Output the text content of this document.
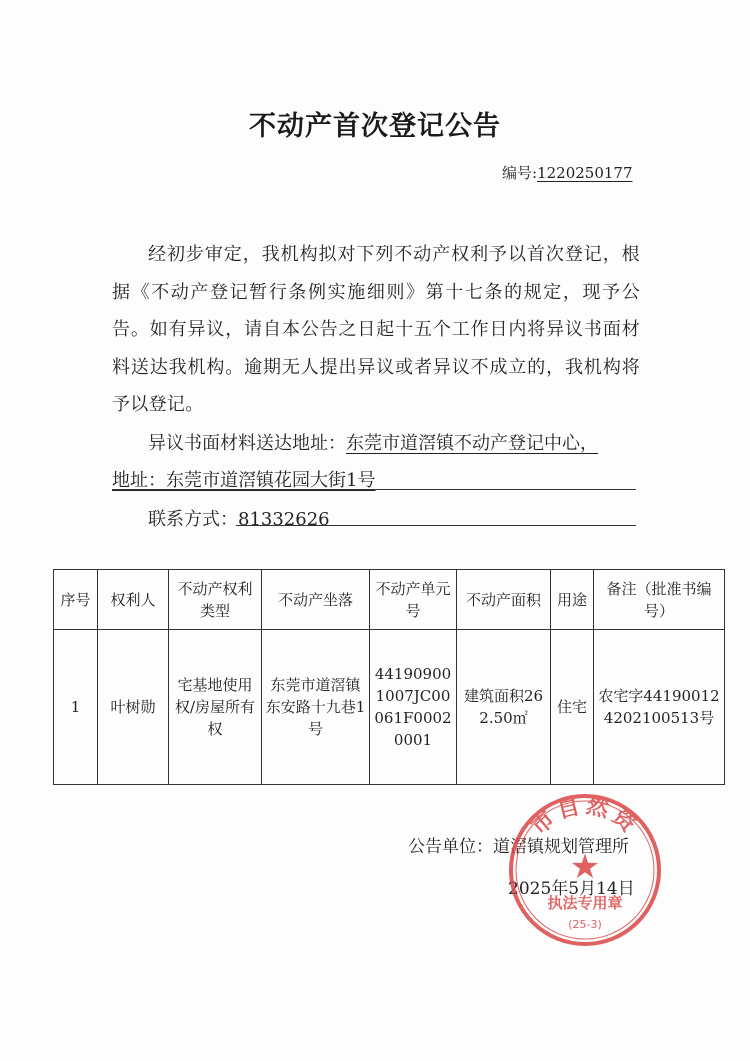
不动产首次登记公告
编号:1220250177
经初步审定，我机构拟对下列不动产权利予以首次登记，根据《不动产登记暂行条例实施细则》第十七条的规定，现予公告。如有异议，请自本公告之日起十五个工作日内将异议书面材料送达我机构。逾期无人提出异议或者异议不成立的，我机构将予以登记。
异议书面材料送达地址：东莞市道滘镇不动产登记中心，
地址：东莞市道滘镇花园大街1号
联系方式：81332626
序号	权利人	不动产权利类型	不动产坐落	不动产单元号	不动产面积	用途	备注（批准书编号）
1	叶树勋	宅基地使用权/房屋所有权	东莞市道滘镇东安路十九巷1号	441909001007JC00061F00020001	建筑面积262.50㎡	住宅	农宅字441900124202100513号
公告单位：道滘镇规划管理所
2025年5月14日
市自然资
★
执法专用章
(25-3)
